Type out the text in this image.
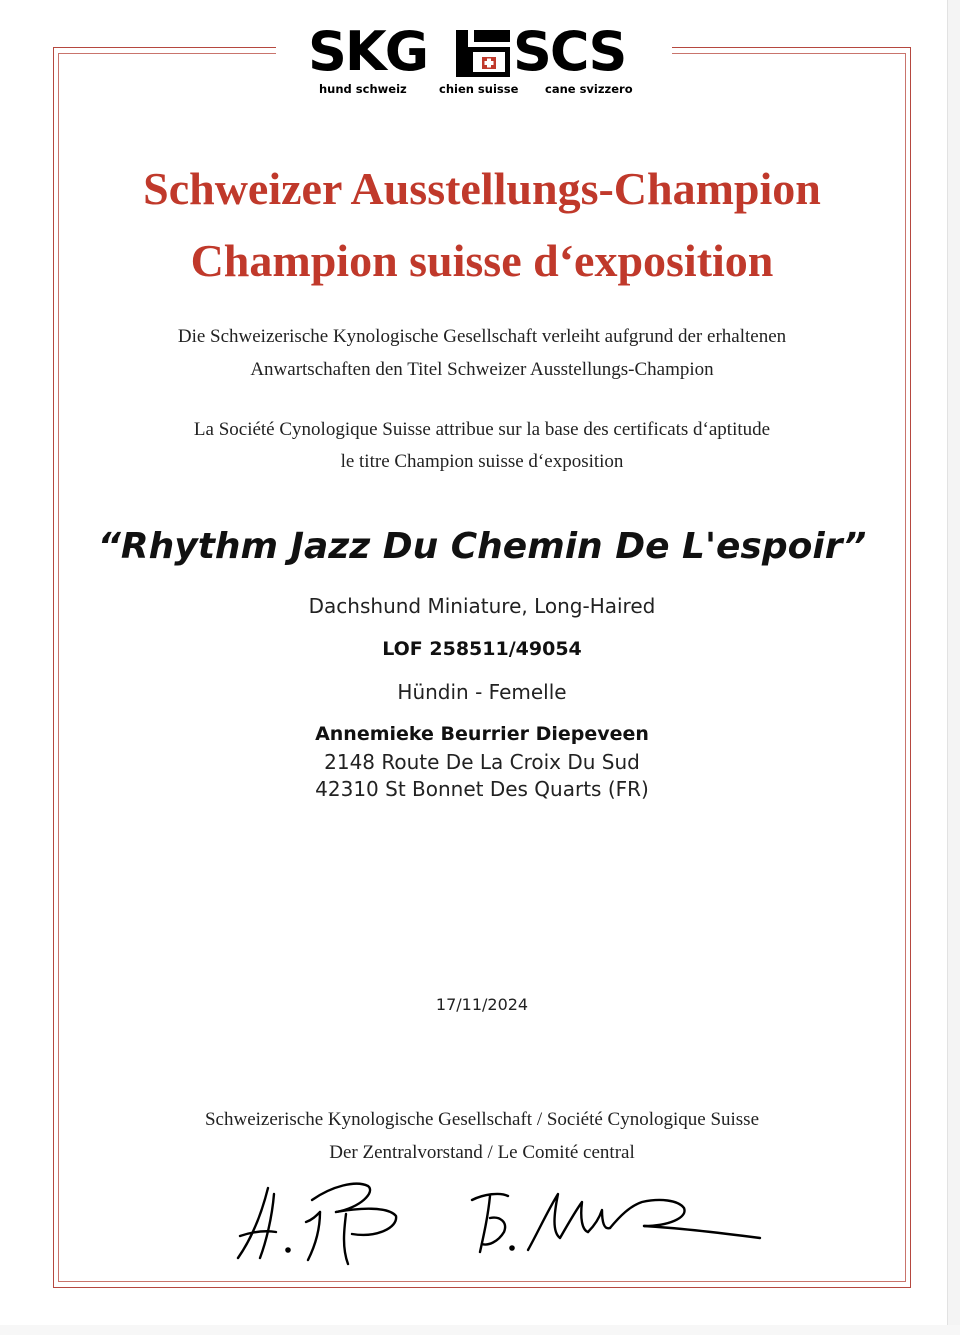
SKG SCS
hund schweiz	chien suisse cane svizzero
Schweizer Ausstellungs-Champion
Champion suisse d‘exposition
Die Schweizerische Kynologische Gesellschaft verleiht aufgrund der erhaltenen
Anwartschaften den Titel Schweizer Ausstellungs-Champion
La Société Cynologique Suisse attribue sur la base des certificats d‘aptitude
le titre Champion suisse d‘exposition
“Rhythm Jazz Du Chemin De L'espoir”
Dachshund Miniature, Long-Haired
LOF 258511/49054
Hündin - Femelle
Annemieke Beurrier Diepeveen
2148 Route De La Croix Du Sud
42310 St Bonnet Des Quarts (FR)
17/11/2024
Schweizerische Kynologische Gesellschaft / Société Cynologique Suisse
Der Zentralvorstand / Le Comité central
